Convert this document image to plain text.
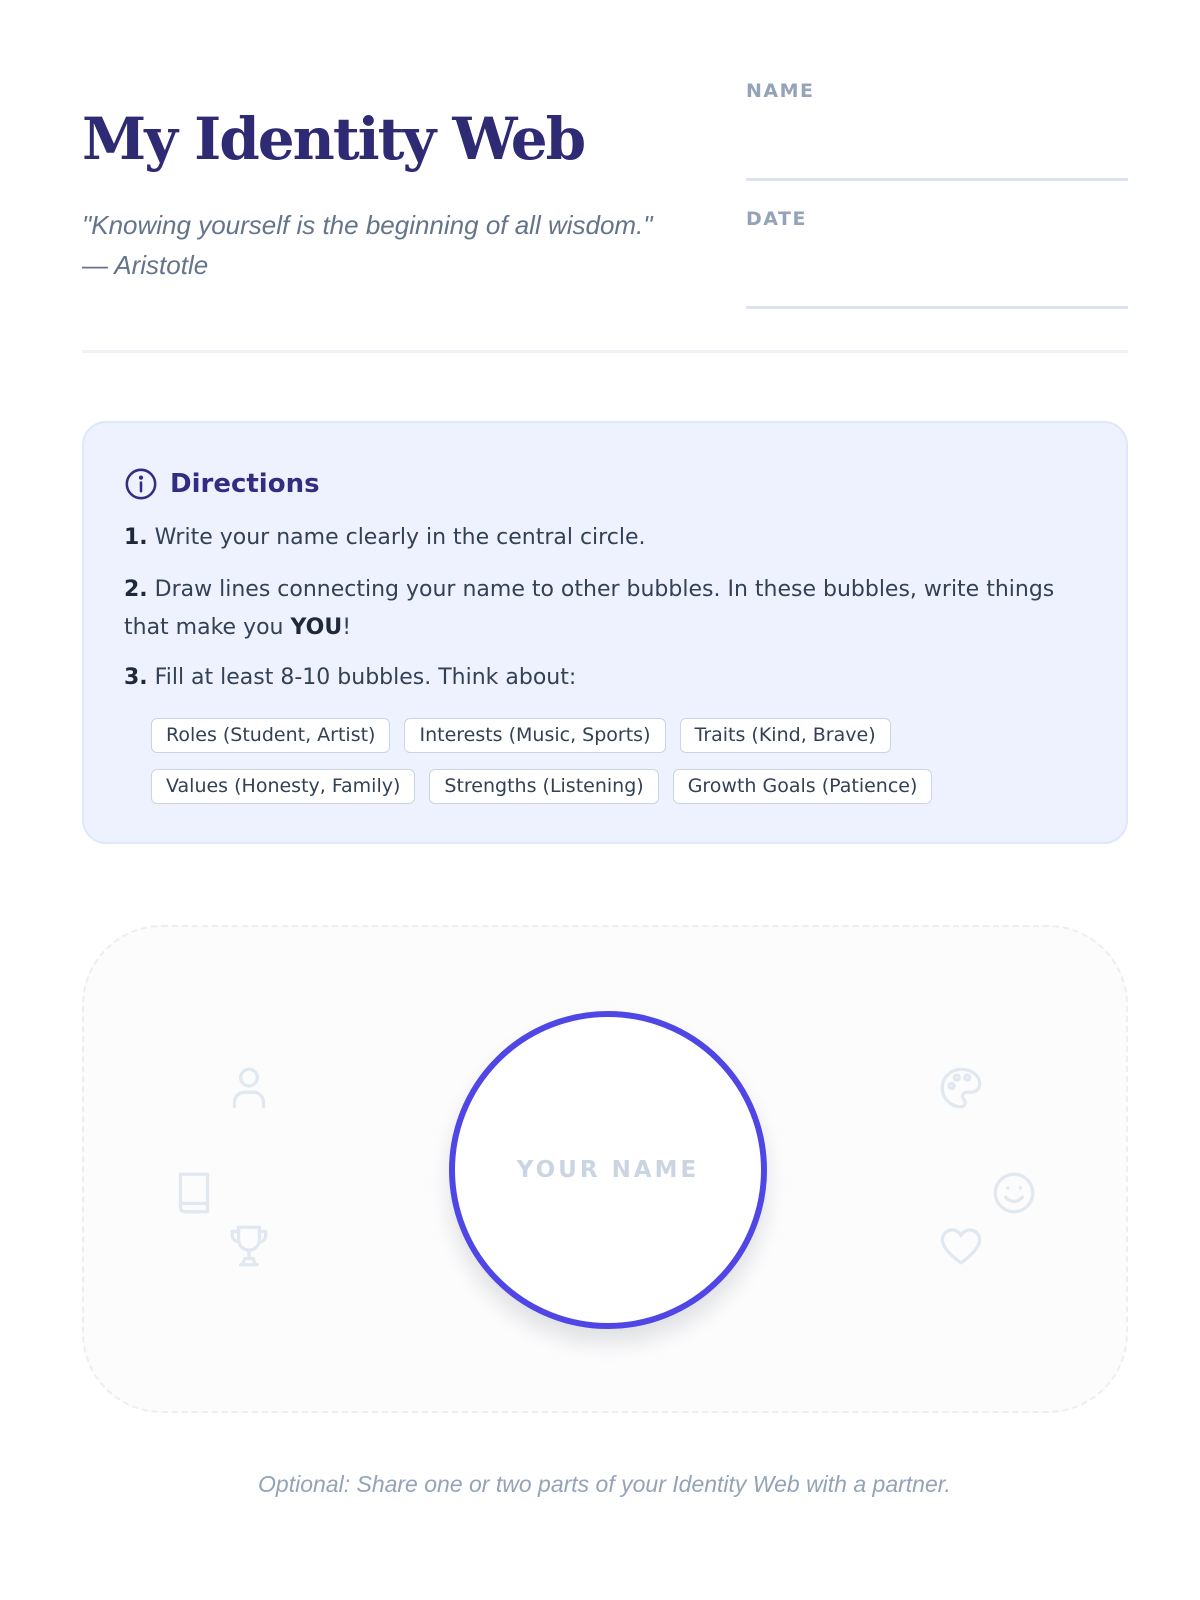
My Identity Web
"Knowing yourself is the beginning of all wisdom."
— Aristotle
NAME
DATE
Directions
1. Write your name clearly in the central circle.
2. Draw lines connecting your name to other bubbles. In these bubbles, write things that make you YOU!
3. Fill at least 8-10 bubbles. Think about:
Roles (Student, Artist)	Interests (Music, Sports)	Traits (Kind, Brave)
Values (Honesty, Family)	Strengths (Listening)	Growth Goals (Patience)
YOUR NAME

Optional: Share one or two parts of your Identity Web with a partner.
